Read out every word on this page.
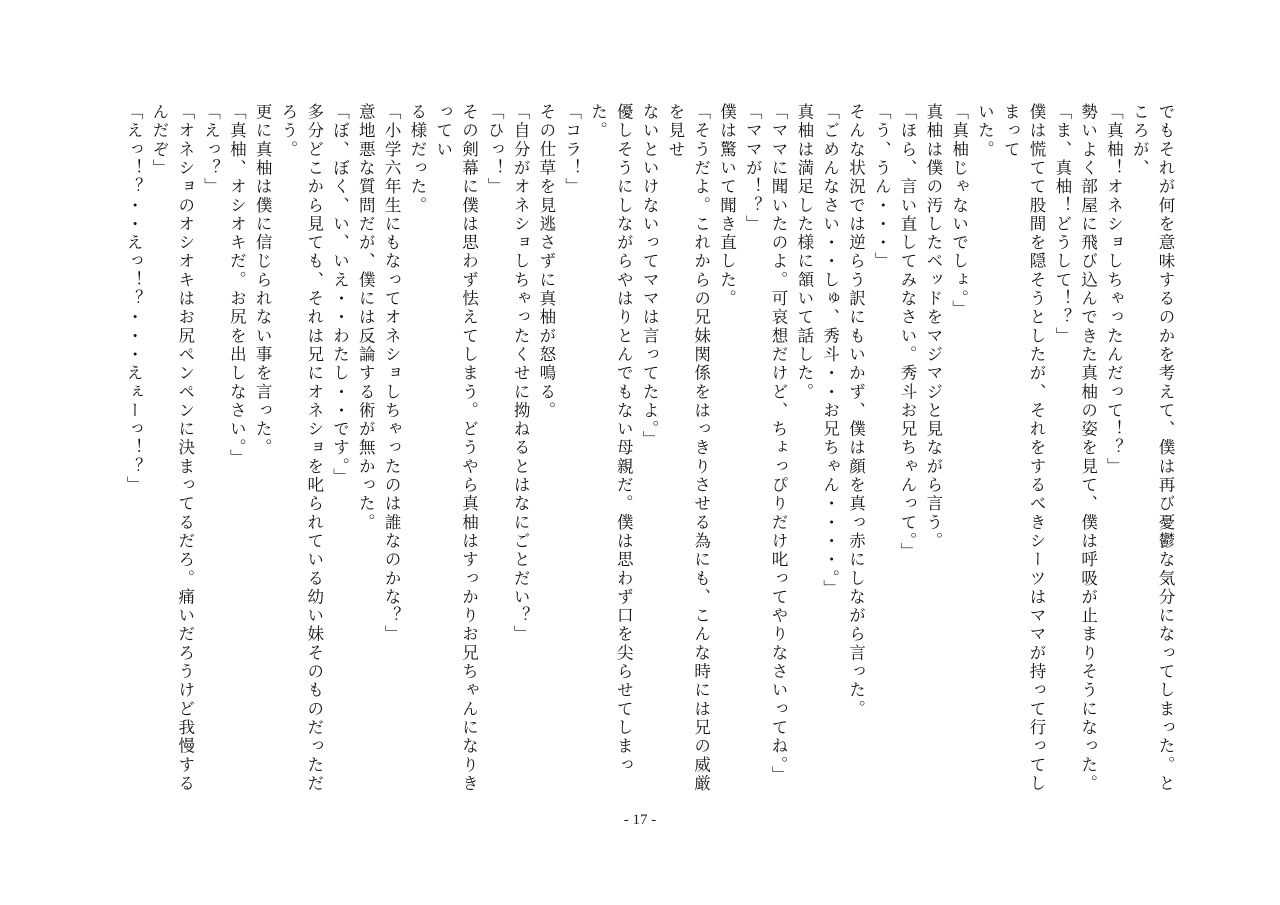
でもそれが何を意味するのかを考えて、僕は再び憂鬱な気分になってしまった。ところが、

「真柚！オネショしちゃったんだって！？」

勢いよく部屋に飛び込んできた真柚の姿を見て、僕は呼吸が止まりそうになった。

「ま、真柚！どうして！？」

僕は慌てて股間を隠そうとしたが、それをするべきシーツはママが持って行ってしまって

いた。

「真柚じゃないでしょ。」

真柚は僕の汚したベッドをマジマジと見ながら言う。

「ほら、言い直してみなさい。秀斗お兄ちゃんって。」

「う、うん・・・」

そんな状況では逆らう訳にもいかず、僕は顔を真っ赤にしながら言った。

「ごめんなさい・・しゅ、秀斗・・お兄ちゃん・・・・。」

真柚は満足した様に頷いて話した。

「ママに聞いたのよ。可哀想だけど、ちょっぴりだけ叱ってやりなさいってね。」

「ママが！？」

僕は驚いて聞き直した。

「そうだよ。これからの兄妹関係をはっきりさせる為にも、こんな時には兄の威厳を見せ

ないといけないってママは言ってたよ。」

優しそうにしながらやはりとんでもない母親だ。僕は思わず口を尖らせてしまった。

「コラ！」

その仕草を見逃さずに真柚が怒鳴る。

「自分がオネショしちゃったくせに拗ねるとはなにごとだい？」

「ひっ！」

その剣幕に僕は思わず怯えてしまう。どうやら真柚はすっかりお兄ちゃんになりきってい

る様だった。

「小学六年生にもなってオネショしちゃったのは誰なのかな？」

意地悪な質問だが、僕には反論する術が無かった。

「ぼ、ぼく、い、いえ・・わたし・・です。」

多分どこから見ても、それは兄にオネショを叱られている幼い妹そのものだっただろう。

更に真柚は僕に信じられない事を言った。

「真柚、オシオキだ。お尻を出しなさい。」

「えっ？」

「オネショのオシオキはお尻ペンペンに決まってるだろ。痛いだろうけど我慢するんだぞ」

「えっ！？・・えっ！？・・・えぇーっ！？」

- 17 -
